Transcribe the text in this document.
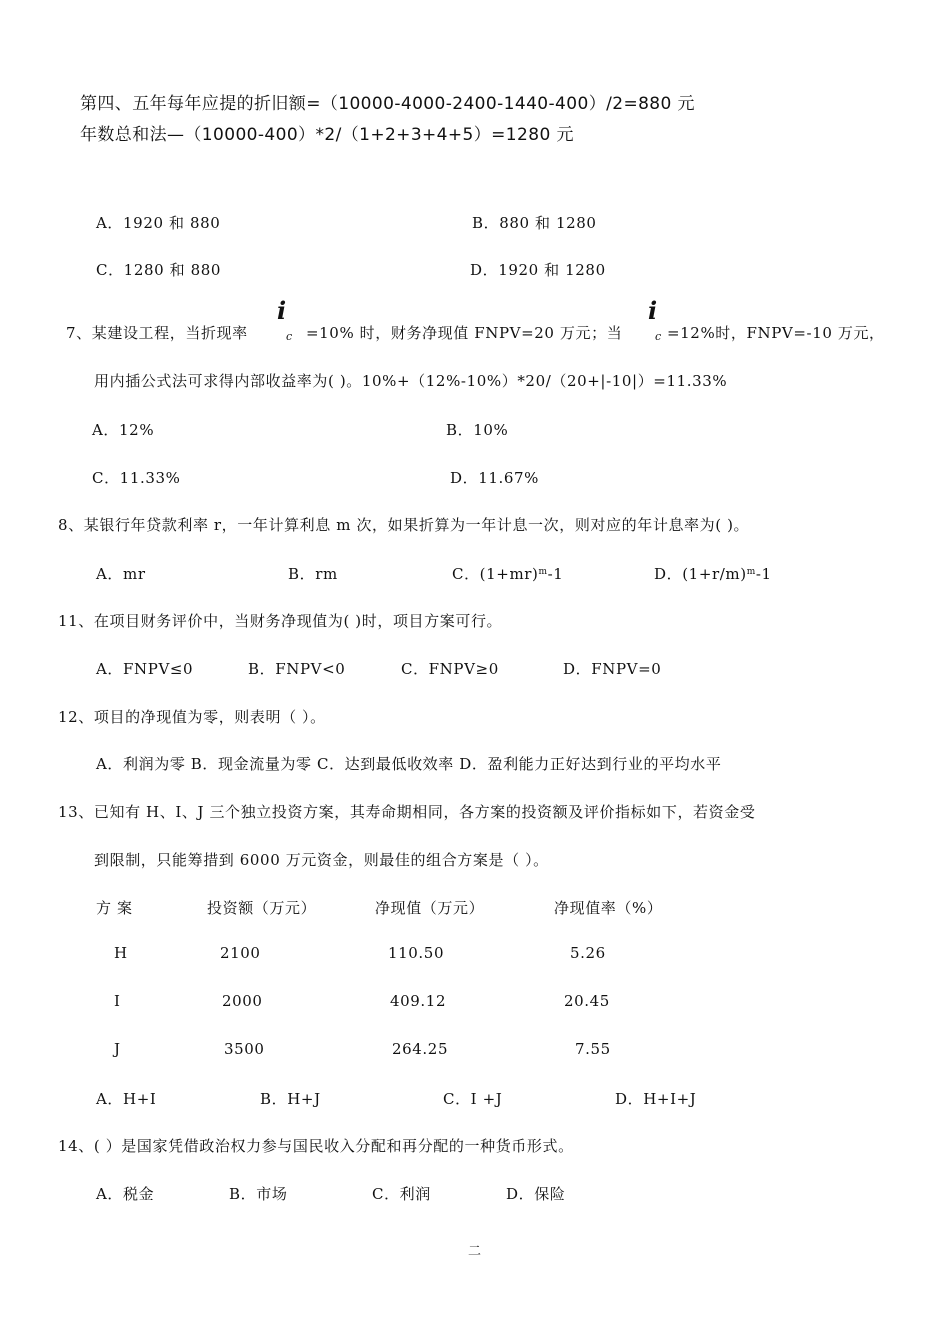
第四、五年每年应提的折旧额=（10000-4000-2400-1440-400）/2=880 元
年数总和法—（10000-400）*2/（1+2+3+4+5）=1280 元
A．1920 和 880	B．880 和 1280
C．1280 和 880	D．1920 和 1280
7、某建设工程，当折现率
i
c =10% 时，财务净现值 FNPV=20 万元；当
i
c =12%时，FNPV=-10 万元，
用内插公式法可求得内部收益率为( )。10%+（12%-10%）*20/（20+|-10|）=11.33%
A．12%	B．10%
C．11.33%	D．11.67%
8、某银行年贷款利率 r，一年计算利息 m 次，如果折算为一年计息一次，则对应的年计息率为( )。
A．mr	B．rm	C．$(1+mr)^m-1$	D．$(1+r/m)^m-1$
11、在项目财务评价中，当财务净现值为( )时，项目方案可行。
A．FNPV≤0	B．FNPV<0	C．FNPV≥0	D．FNPV=0
12、项目的净现值为零，则表明（ ）。
A．利润为零 B．现金流量为零 C．达到最低收效率 D．盈利能力正好达到行业的平均水平
13、已知有 H、I、J 三个独立投资方案，其寿命期相同，各方案的投资额及评价指标如下，若资金受
到限制，只能筹措到 6000 万元资金，则最佳的组合方案是（ ）。
方 案	投资额（万元）	净现值（万元）	净现值率（%）
H	2100	110.50	5.26
I	2000	409.12	20.45
J	3500	264.25	7.55
A．H+I	B．H+J	C．I +J	D．H+I+J
14、( ）是国家凭借政治权力参与国民收入分配和再分配的一种货币形式。
A．税金	B．市场	C．利润	D．保险
二
